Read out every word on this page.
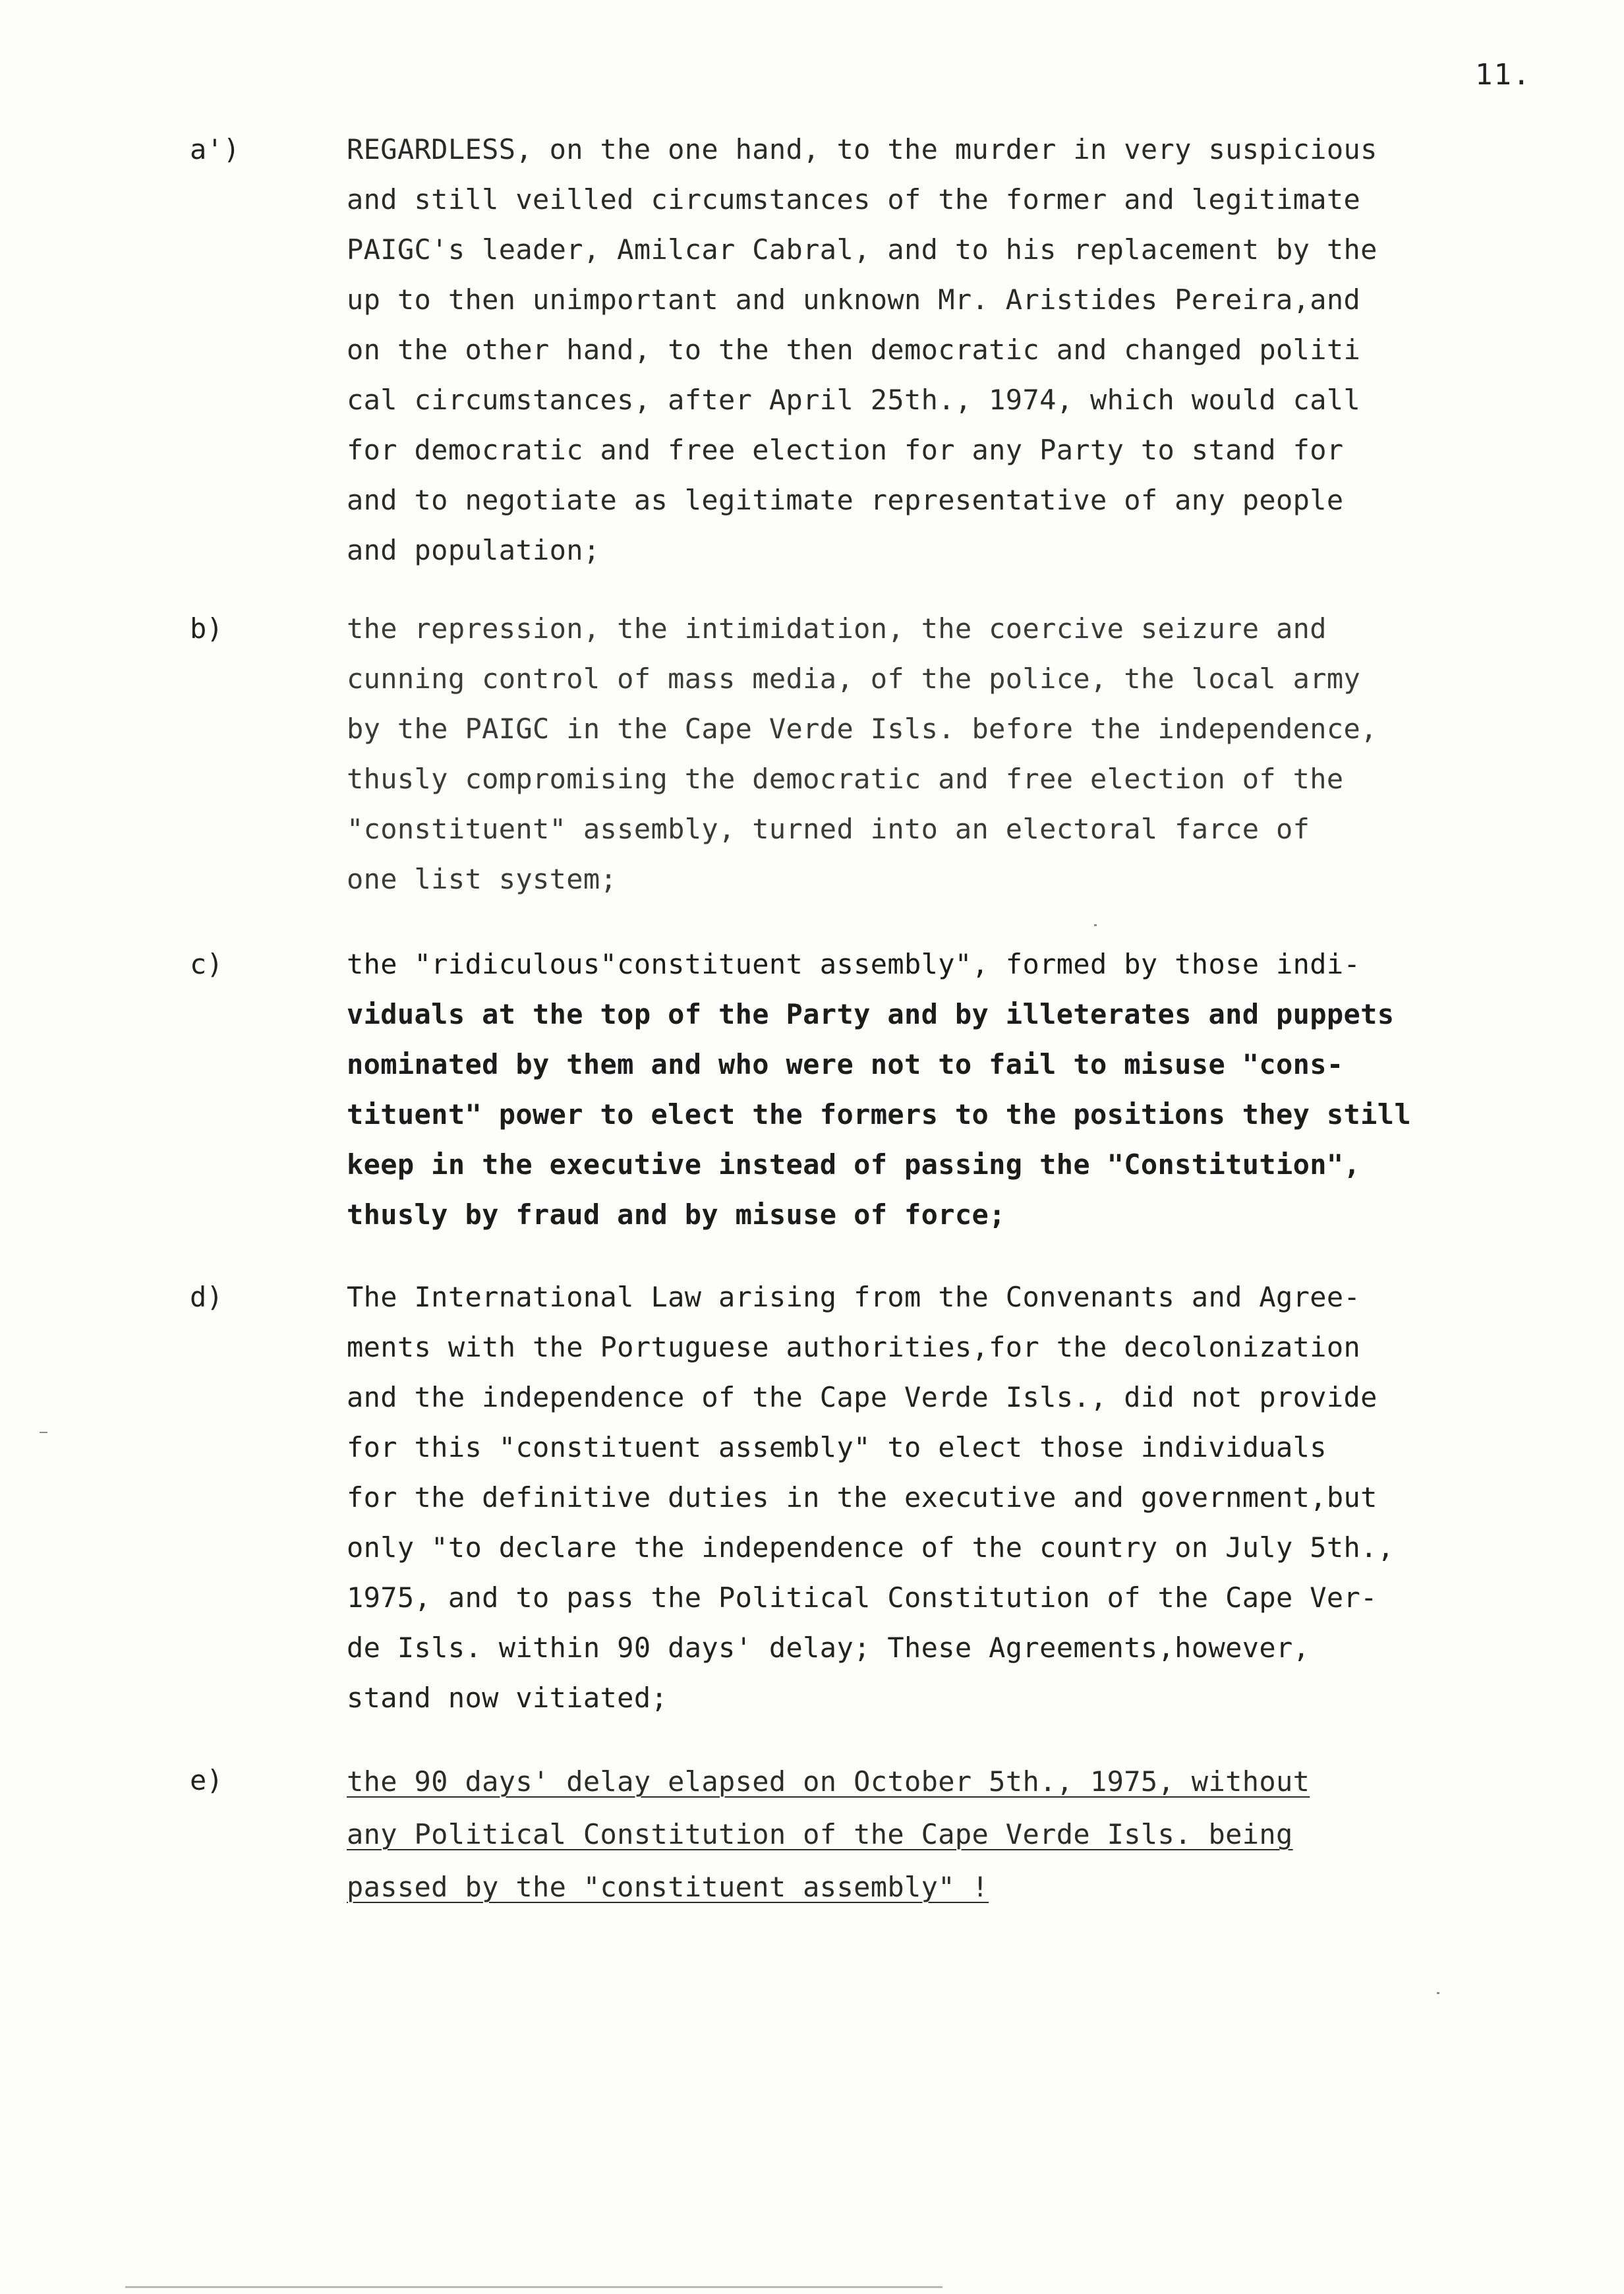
11.
a')	REGARDLESS, on the one hand, to the murder in very suspicious
and still veilled circumstances of the former and legitimate
PAIGC's leader, Amilcar Cabral, and to his replacement by the
up to then unimportant and unknown Mr. Aristides Pereira,and
on the other hand, to the then democratic and changed politi
cal circumstances, after April 25th., 1974, which would call
for democratic and free election for any Party to stand for
and to negotiate as legitimate representative of any people
and population;
b)	the repression, the intimidation, the coercive seizure and
cunning control of mass media, of the police, the local army
by the PAIGC in the Cape Verde Isls. before the independence,
thusly compromising the democratic and free election of the
"constituent" assembly, turned into an electoral farce of
one list system;
c)	the "ridiculous"constituent assembly", formed by those indi-
viduals at the top of the Party and by illeterates and puppets
nominated by them and who were not to fail to misuse "cons-
tituent" power to elect the formers to the positions they still
keep in the executive instead of passing the "Constitution",
thusly by fraud and by misuse of force;
d)	The International Law arising from the Convenants and Agree-
ments with the Portuguese authorities,for the decolonization
and the independence of the Cape Verde Isls., did not provide
for this "constituent assembly" to elect those individuals
for the definitive duties in the executive and government,but
only "to declare the independence of the country on July 5th.,
1975, and to pass the Political Constitution of the Cape Ver-
de Isls. within 90 days' delay; These Agreements,however,
stand now vitiated;
e)	the 90 days' delay elapsed on October 5th., 1975, without
any Political Constitution of the Cape Verde Isls. being
passed by the "constituent assembly" !
